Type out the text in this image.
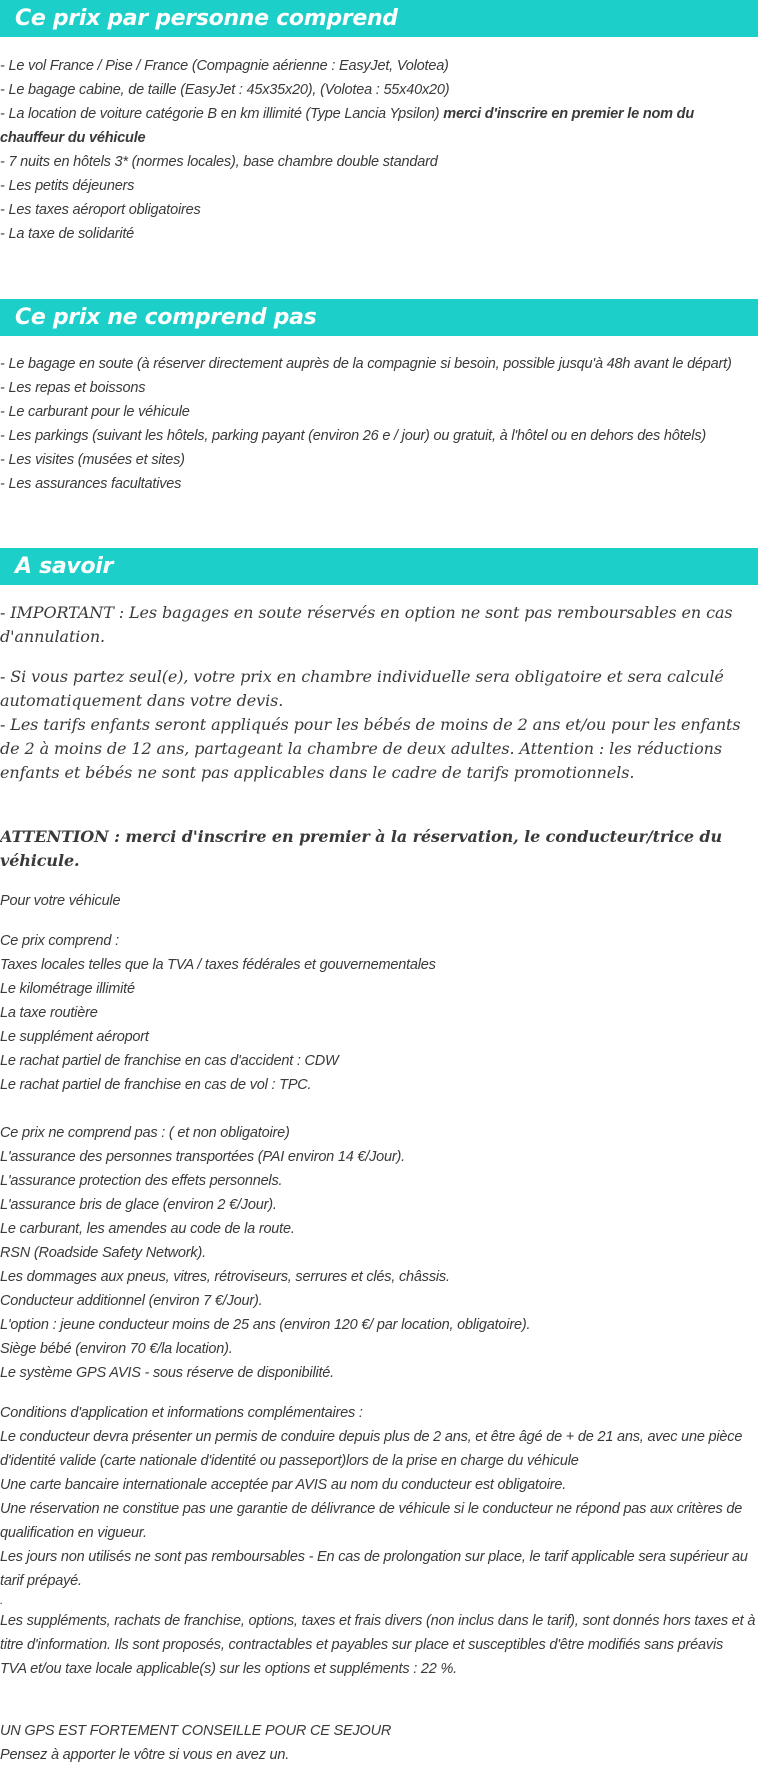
Ce prix par personne comprend
- Le vol France / Pise / France (Compagnie aérienne : EasyJet, Volotea)
- Le bagage cabine, de taille (EasyJet : 45x35x20), (Volotea : 55x40x20)
- La location de voiture catégorie B en km illimité (Type Lancia Ypsilon) merci d'inscrire en premier le nom du chauffeur du véhicule
- 7 nuits en hôtels 3* (normes locales), base chambre double standard
- Les petits déjeuners
- Les taxes aéroport obligatoires
- La taxe de solidarité
Ce prix ne comprend pas
- Le bagage en soute (à réserver directement auprès de la compagnie si besoin, possible jusqu'à 48h avant le départ)
- Les repas et boissons
- Le carburant pour le véhicule
- Les parkings (suivant les hôtels, parking payant (environ 26 e / jour) ou gratuit, à l'hôtel ou en dehors des hôtels)
- Les visites (musées et sites)
- Les assurances facultatives
A savoir

- IMPORTANT : Les bagages en soute réservés en option ne sont pas remboursables en cas d'annulation.

- Si vous partez seul(e), votre prix en chambre individuelle sera obligatoire et sera calculé automatiquement dans votre devis.

- Les tarifs enfants seront appliqués pour les bébés de moins de 2 ans et/ou pour les enfants de 2 à moins de 12 ans, partageant la chambre de deux adultes. Attention : les réductions enfants et bébés ne sont pas applicables dans le cadre de tarifs promotionnels.

ATTENTION : merci d'inscrire en premier à la réservation, le conducteur/trice du véhicule.

Pour votre véhicule

Ce prix comprend :

Taxes locales telles que la TVA / taxes fédérales et gouvernementales
Le kilométrage illimité
La taxe routière
Le supplément aéroport
Le rachat partiel de franchise en cas d'accident : CDW
Le rachat partiel de franchise en cas de vol : TPC.

Ce prix ne comprend pas : ( et non obligatoire)

L'assurance des personnes transportées (PAI environ 14 €/Jour).
L'assurance protection des effets personnels.
L'assurance bris de glace (environ 2 €/Jour).
Le carburant, les amendes au code de la route.
RSN (Roadside Safety Network).
Les dommages aux pneus, vitres, rétroviseurs, serrures et clés, châssis.
Conducteur additionnel (environ 7 €/Jour).
L'option : jeune conducteur moins de 25 ans (environ 120 €/ par location, obligatoire).
Siège bébé (environ 70 €/la location).
Le système GPS AVIS - sous réserve de disponibilité.

Conditions d'application et informations complémentaires :

Le conducteur devra présenter un permis de conduire depuis plus de 2 ans, et être âgé de + de 21 ans, avec une pièce d'identité valide (carte nationale d'identité ou passeport)lors de la prise en charge du véhicule
Une carte bancaire internationale acceptée par AVIS au nom du conducteur est obligatoire.
Une réservation ne constitue pas une garantie de délivrance de véhicule si le conducteur ne répond pas aux critères de qualification en vigueur.
Les jours non utilisés ne sont pas remboursables - En cas de prolongation sur place, le tarif applicable sera supérieur au tarif prépayé.
.

Les suppléments, rachats de franchise, options, taxes et frais divers (non inclus dans le tarif), sont donnés hors taxes et à titre d'information. Ils sont proposés, contractables et payables sur place et susceptibles d'être modifiés sans préavis

TVA et/ou taxe locale applicable(s) sur les options et suppléments : 22 %.

UN GPS EST FORTEMENT CONSEILLE POUR CE SEJOUR

Pensez à apporter le vôtre si vous en avez un.
